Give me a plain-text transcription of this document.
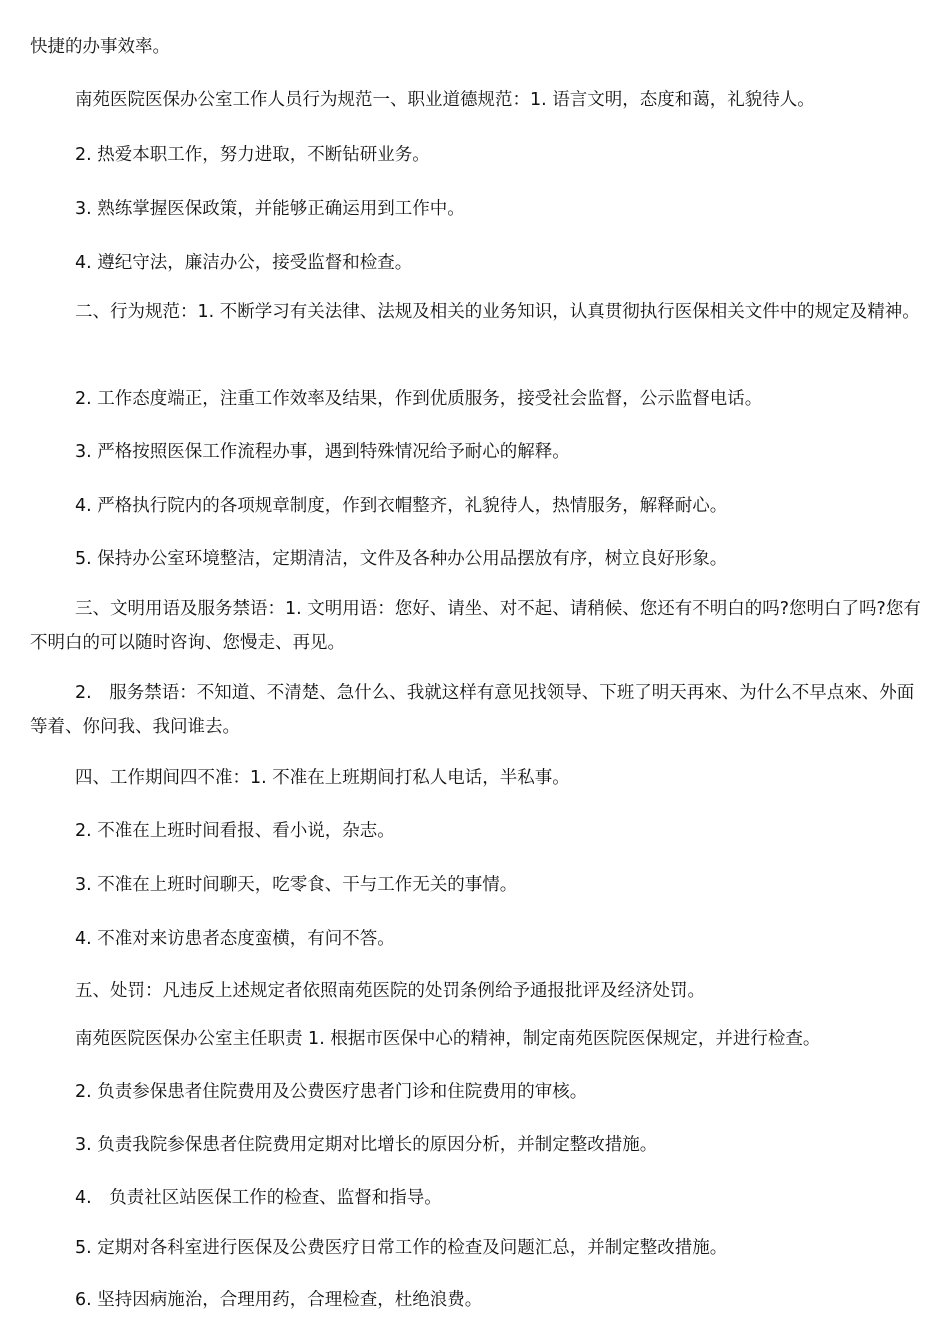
快捷的办事效率。

南苑医院医保办公室工作人员行为规范一、职业道德规范：1. 语言文明，态度和蔼，礼貌待人。

2. 热爱本职工作，努力进取，不断钻研业务。

3. 熟练掌握医保政策，并能够正确运用到工作中。

4. 遵纪守法，廉洁办公，接受监督和检查。

二、行为规范：1. 不断学习有关法律、法规及相关的业务知识，认真贯彻执行医保相关文件中的规定及精神。

2. 工作态度端正，注重工作效率及结果，作到优质服务，接受社会监督，公示监督电话。

3. 严格按照医保工作流程办事，遇到特殊情况给予耐心的解释。

4. 严格执行院内的各项规章制度，作到衣帽整齐，礼貌待人，热情服务，解释耐心。

5. 保持办公室环境整洁，定期清洁，文件及各种办公用品摆放有序，树立良好形象。

三、文明用语及服务禁语：1. 文明用语：您好、请坐、对不起、请稍候、您还有不明白的吗?您明白了吗?您有不明白的可以随时咨询、您慢走、再见。

2.　服务禁语：不知道、不清楚、急什么、我就这样有意见找领导、下班了明天再來、为什么不早点來、外面等着、你问我、我问谁去。

四、工作期间四不准：1. 不准在上班期间打私人电话，半私事。

2. 不准在上班时间看报、看小说，杂志。

3. 不准在上班时间聊天，吃零食、干与工作无关的事情。

4. 不准对来访患者态度蛮横，有问不答。

五、处罚：凡违反上述规定者依照南苑医院的处罚条例给予通报批评及经济处罚。

南苑医院医保办公室主任职责 1. 根据市医保中心的精神，制定南苑医院医保规定，并进行检查。

2. 负责参保患者住院费用及公费医疗患者门诊和住院费用的审核。

3. 负责我院参保患者住院费用定期对比增长的原因分析，并制定整改措施。

4.　负责社区站医保工作的检查、监督和指导。

5. 定期对各科室进行医保及公费医疗日常工作的检查及问题汇总，并制定整改措施。

6. 坚持因病施治，合理用药，合理检查，杜绝浪费。
